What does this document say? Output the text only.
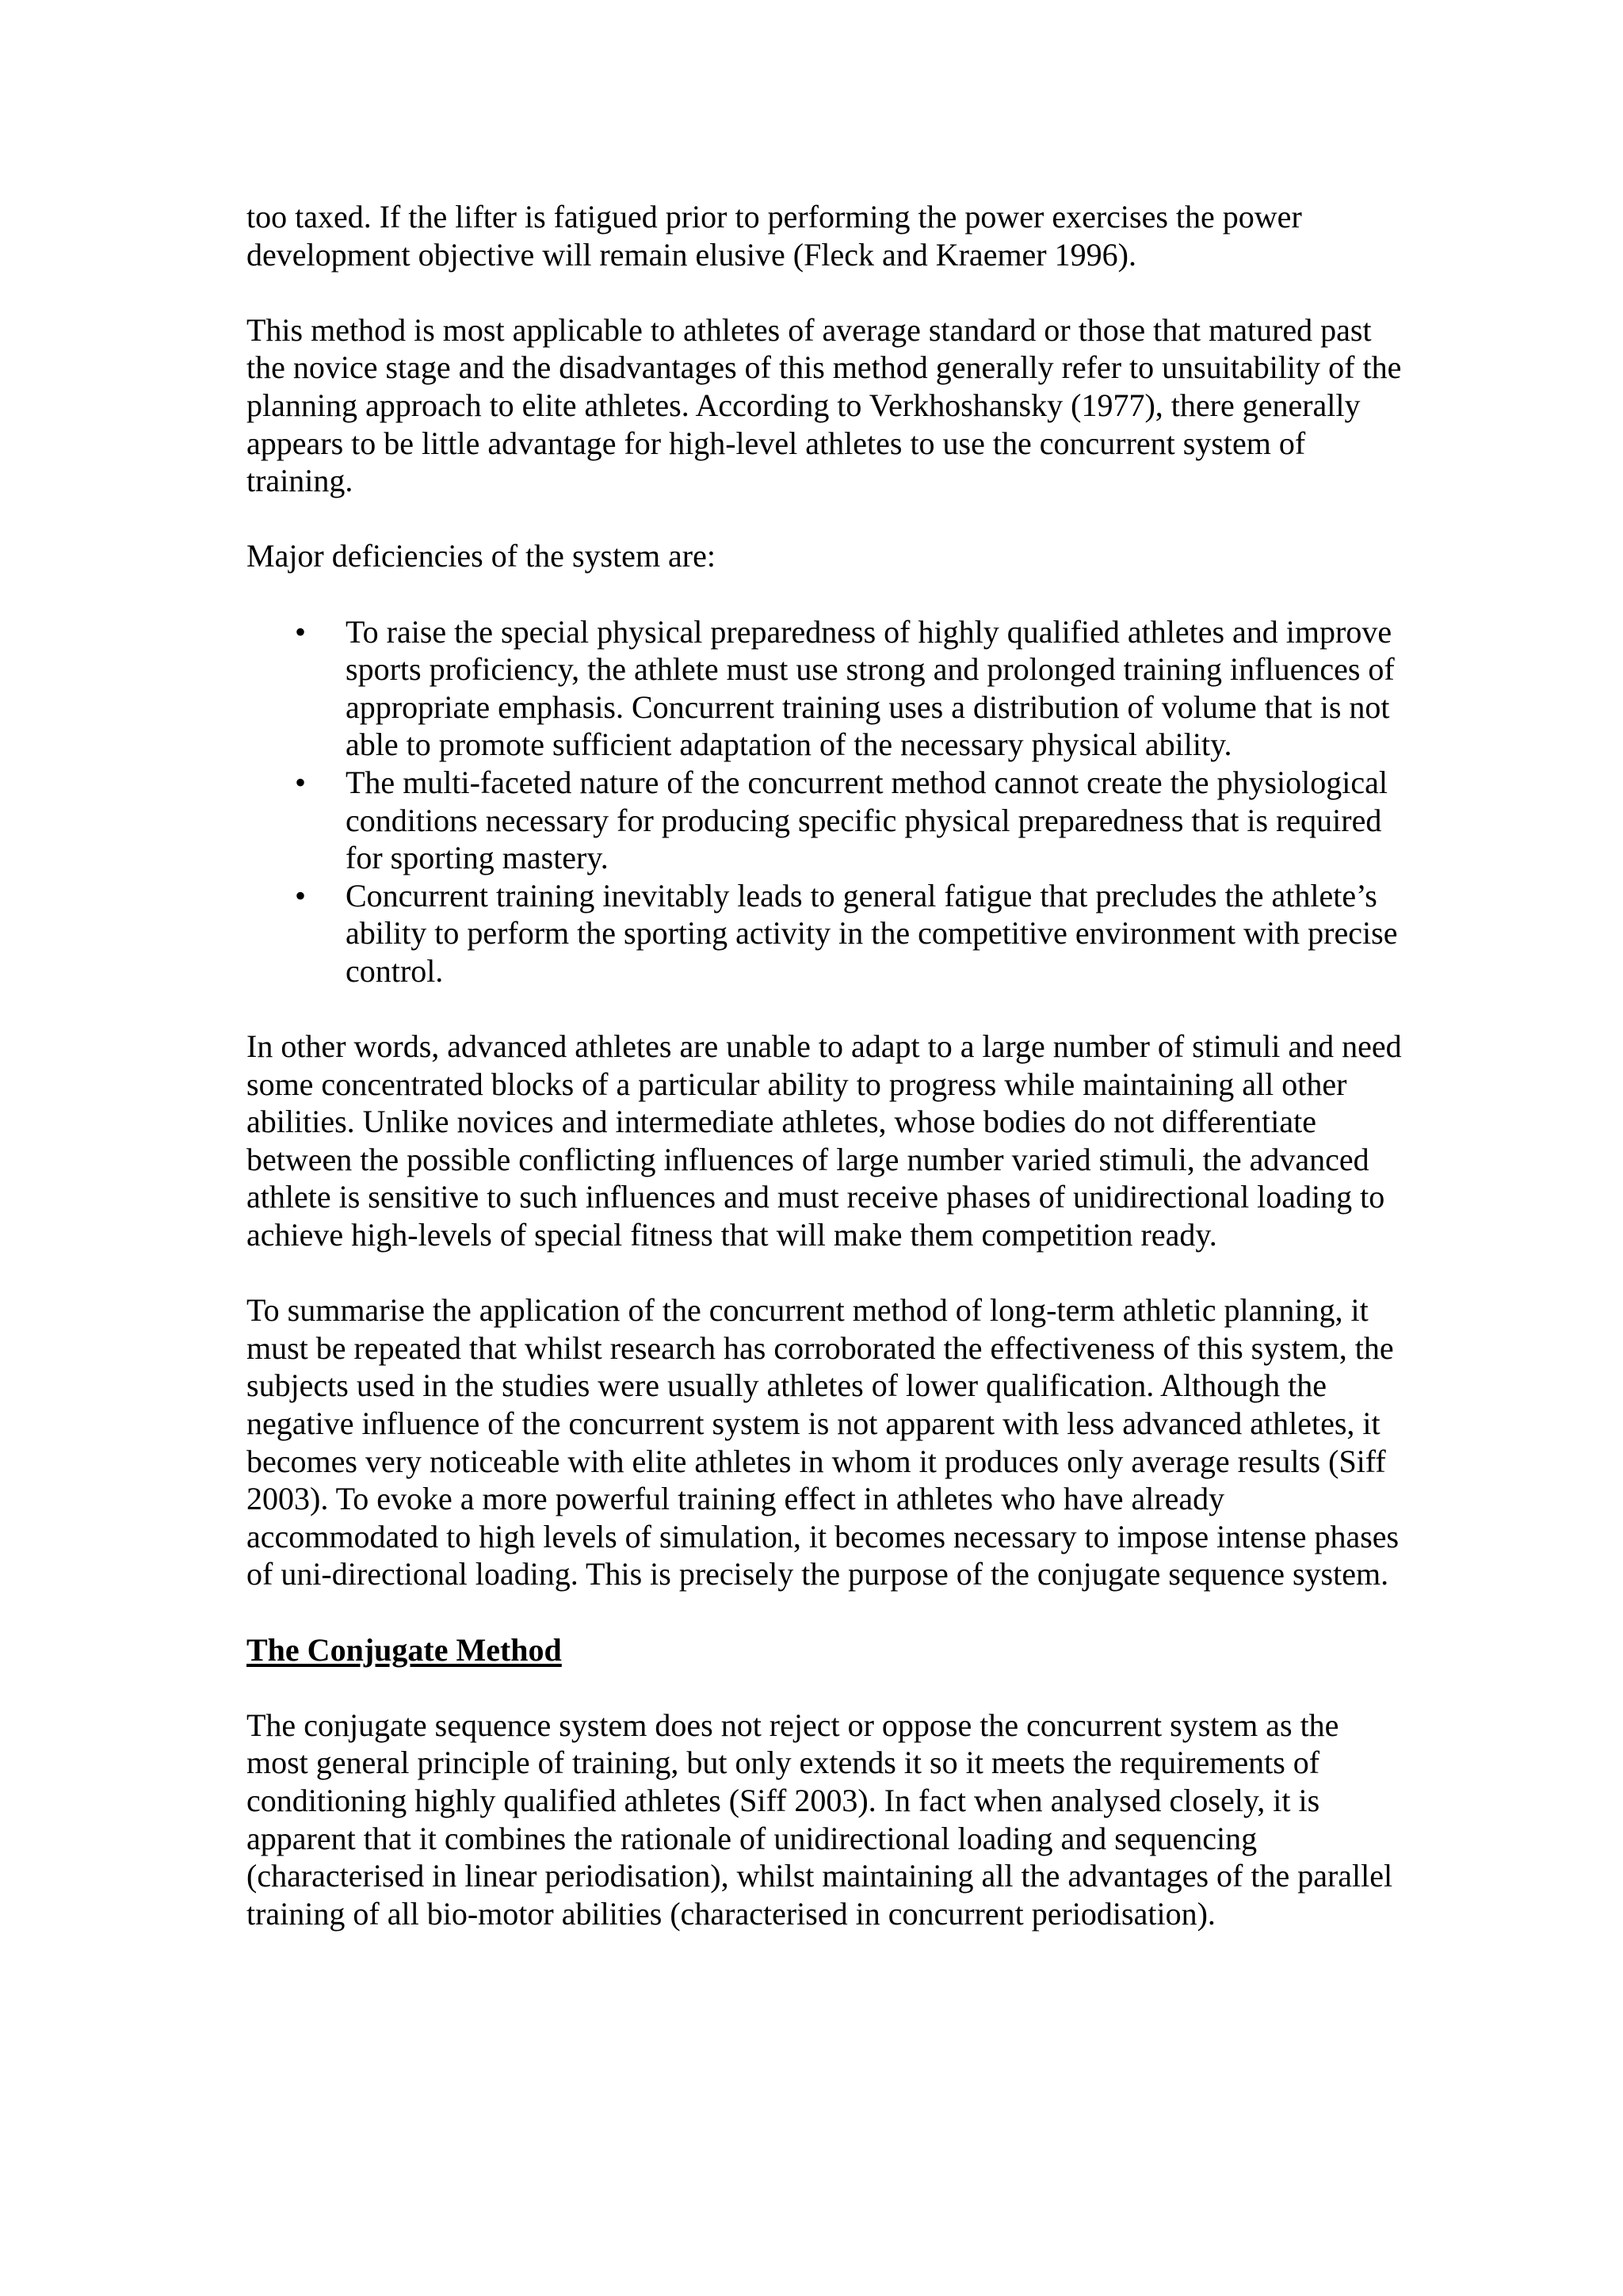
too taxed. If the lifter is fatigued prior to performing the power exercises the power development objective will remain elusive (Fleck and Kraemer 1996).

This method is most applicable to athletes of average standard or those that matured past the novice stage and the disadvantages of this method generally refer to unsuitability of the planning approach to elite athletes. According to Verkhoshansky (1977), there generally appears to be little advantage for high-level athletes to use the concurrent system of training.

Major deficiencies of the system are:

• To raise the special physical preparedness of highly qualified athletes and improve sports proficiency, the athlete must use strong and prolonged training influences of appropriate emphasis. Concurrent training uses a distribution of volume that is not able to promote sufficient adaptation of the necessary physical ability.
• The multi-faceted nature of the concurrent method cannot create the physiological conditions necessary for producing specific physical preparedness that is required for sporting mastery.
• Concurrent training inevitably leads to general fatigue that precludes the athlete’s ability to perform the sporting activity in the competitive environment with precise control.

In other words, advanced athletes are unable to adapt to a large number of stimuli and need some concentrated blocks of a particular ability to progress while maintaining all other abilities. Unlike novices and intermediate athletes, whose bodies do not differentiate between the possible conflicting influences of large number varied stimuli, the advanced athlete is sensitive to such influences and must receive phases of unidirectional loading to achieve high-levels of special fitness that will make them competition ready.

To summarise the application of the concurrent method of long-term athletic planning, it must be repeated that whilst research has corroborated the effectiveness of this system, the subjects used in the studies were usually athletes of lower qualification. Although the negative influence of the concurrent system is not apparent with less advanced athletes, it becomes very noticeable with elite athletes in whom it produces only average results (Siff 2003). To evoke a more powerful training effect in athletes who have already accommodated to high levels of simulation, it becomes necessary to impose intense phases of uni-directional loading. This is precisely the purpose of the conjugate sequence system.

The Conjugate Method

The conjugate sequence system does not reject or oppose the concurrent system as the most general principle of training, but only extends it so it meets the requirements of conditioning highly qualified athletes (Siff 2003). In fact when analysed closely, it is apparent that it combines the rationale of unidirectional loading and sequencing (characterised in linear periodisation), whilst maintaining all the advantages of the parallel training of all bio-motor abilities (characterised in concurrent periodisation).
